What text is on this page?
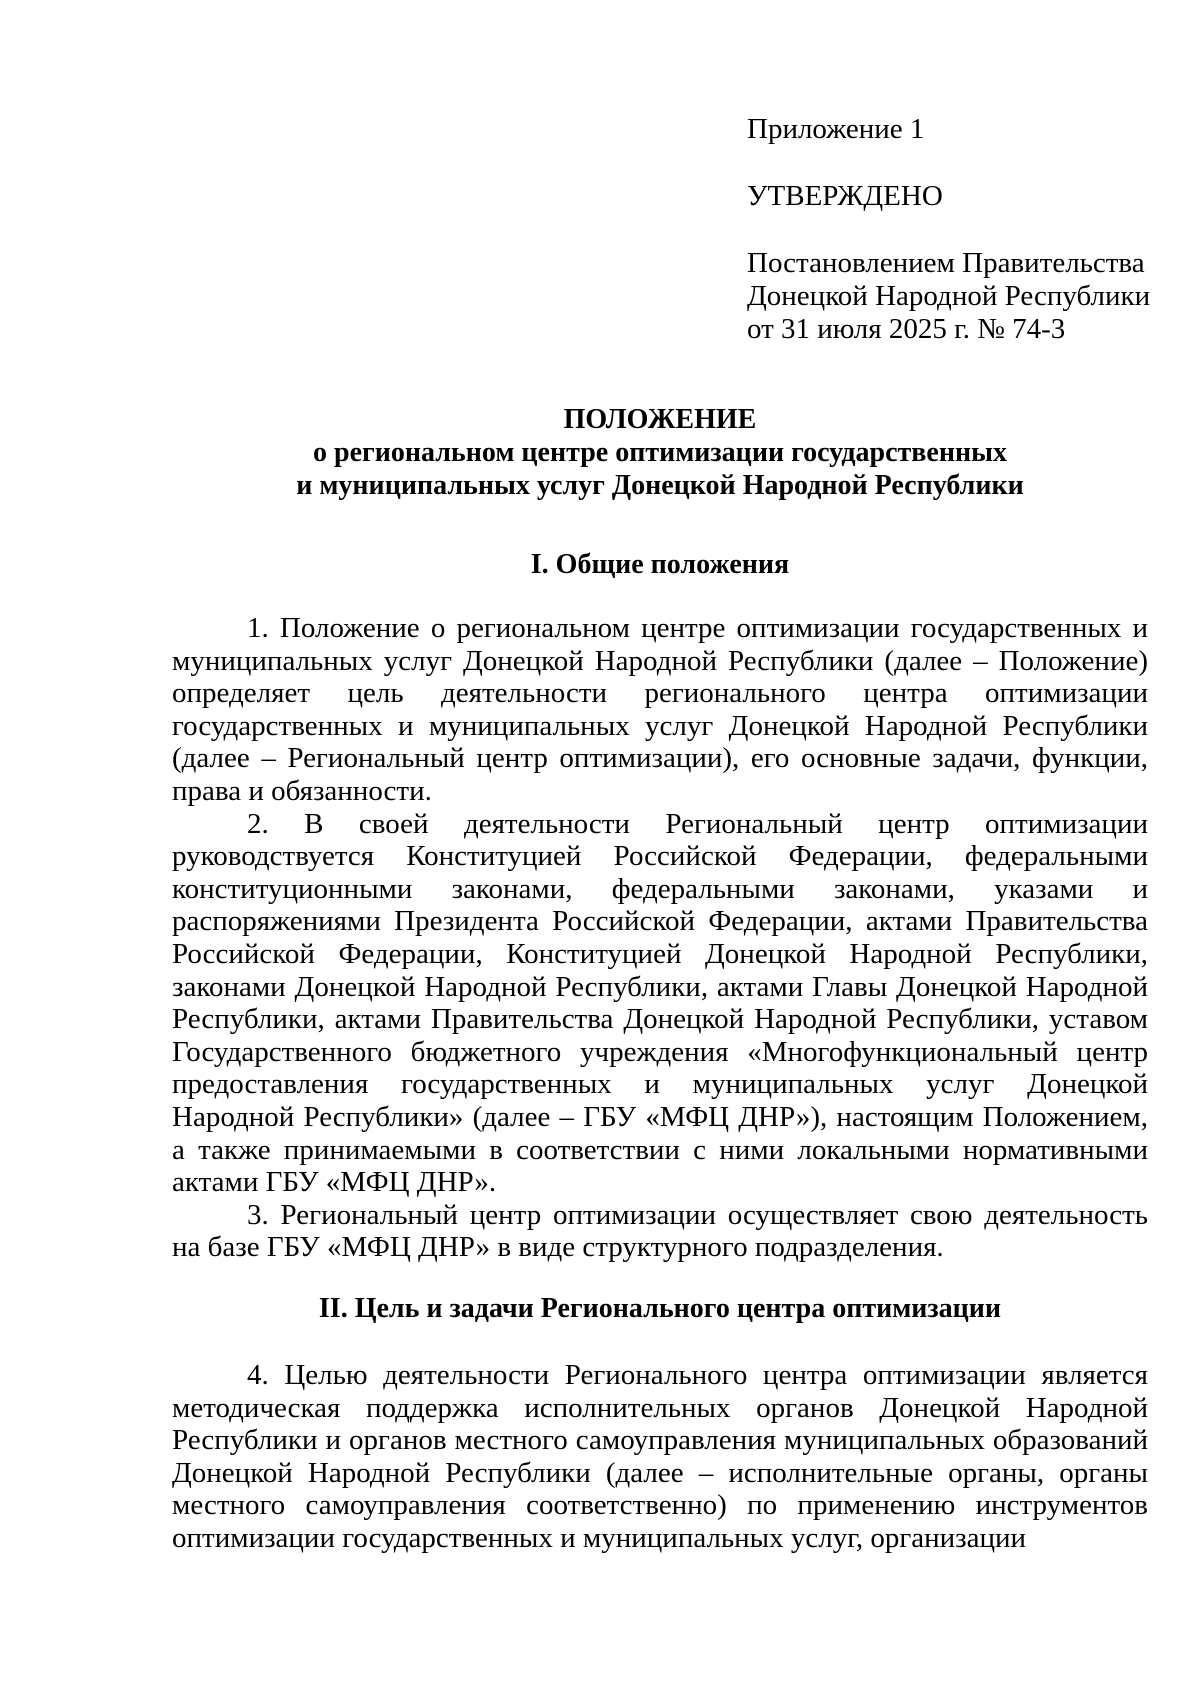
Приложение 1
УТВЕРЖДЕНО
Постановлением Правительства
Донецкой Народной Республики
от 31 июля 2025 г. № 74-3
ПОЛОЖЕНИЕ
о региональном центре оптимизации государственных
и муниципальных услуг Донецкой Народной Республики
I. Общие положения

1. Положение о региональном центре оптимизации государственных и муниципальных услуг Донецкой Народной Республики (далее – Положение) определяет цель деятельности регионального центра оптимизации государственных и муниципальных услуг Донецкой Народной Республики (далее – Региональный центр оптимизации), его основные задачи, функции, права и обязанности.

2. В своей деятельности Региональный центр оптимизации руководствуется Конституцией Российской Федерации, федеральными конституционными законами, федеральными законами, указами и распоряжениями Президента Российской Федерации, актами Правительства Российской Федерации, Конституцией Донецкой Народной Республики, законами Донецкой Народной Республики, актами Главы Донецкой Народной Республики, актами Правительства Донецкой Народной Республики, уставом Государственного бюджетного учреждения «Многофункциональный центр предоставления государственных и муниципальных услуг Донецкой Народной Республики» (далее – ГБУ «МФЦ ДНР»), настоящим Положением, а также принимаемыми в соответствии с ними локальными нормативными актами ГБУ «МФЦ ДНР».

3. Региональный центр оптимизации осуществляет свою деятельность на базе ГБУ «МФЦ ДНР» в виде структурного подразделения.

II. Цель и задачи Регионального центра оптимизации

4. Целью деятельности Регионального центра оптимизации является методическая поддержка исполнительных органов Донецкой Народной Республики и органов местного самоуправления муниципальных образований Донецкой Народной Республики (далее – исполнительные органы, органы местного самоуправления соответственно) по применению инструментов оптимизации государственных и муниципальных услуг, организации
